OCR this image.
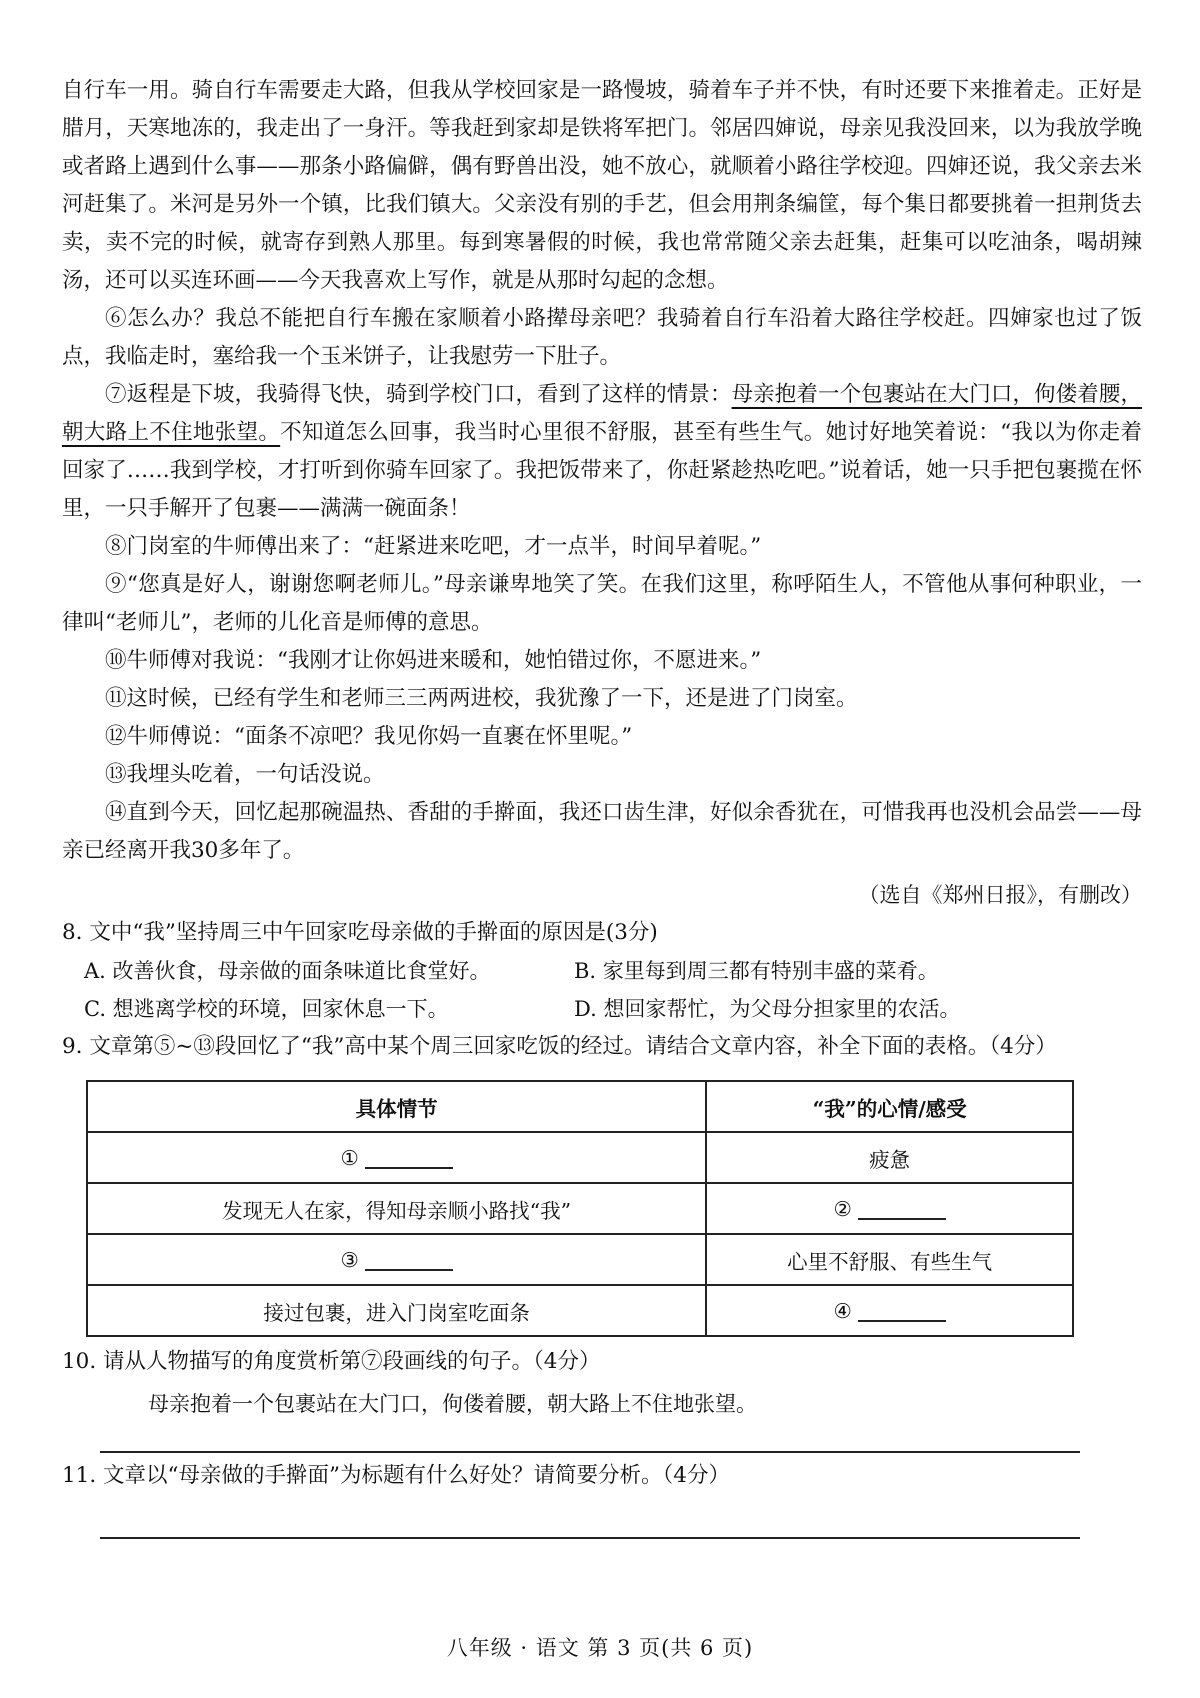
自行车一用。骑自行车需要走大路，但我从学校回家是一路慢坡，骑着车子并不快，有时还要下来推着走。正好是腊月，天寒地冻的，我走出了一身汗。等我赶到家却是铁将军把门。邻居四婶说，母亲见我没回来，以为我放学晚或者路上遇到什么事——那条小路偏僻，偶有野兽出没，她不放心，就顺着小路往学校迎。四婶还说，我父亲去米河赶集了。米河是另外一个镇，比我们镇大。父亲没有别的手艺，但会用荆条编筐，每个集日都要挑着一担荆货去卖，卖不完的时候，就寄存到熟人那里。每到寒暑假的时候，我也常常随父亲去赶集，赶集可以吃油条，喝胡辣汤，还可以买连环画——今天我喜欢上写作，就是从那时勾起的念想。

⑥怎么办？我总不能把自行车搬在家顺着小路撵母亲吧？我骑着自行车沿着大路往学校赶。四婶家也过了饭点，我临走时，塞给我一个玉米饼子，让我慰劳一下肚子。

⑦返程是下坡，我骑得飞快，骑到学校门口，看到了这样的情景：母亲抱着一个包裹站在大门口，佝偻着腰，朝大路上不住地张望。不知道怎么回事，我当时心里很不舒服，甚至有些生气。她讨好地笑着说：“我以为你走着回家了……我到学校，才打听到你骑车回家了。我把饭带来了，你赶紧趁热吃吧。”说着话，她一只手把包裹揽在怀里，一只手解开了包裹——满满一碗面条！

⑧门岗室的牛师傅出来了：“赶紧进来吃吧，才一点半，时间早着呢。”

⑨“您真是好人，谢谢您啊老师儿。”母亲谦卑地笑了笑。在我们这里，称呼陌生人，不管他从事何种职业，一律叫“老师儿”，老师的儿化音是师傅的意思。

⑩牛师傅对我说：“我刚才让你妈进来暖和，她怕错过你，不愿进来。”

⑪这时候，已经有学生和老师三三两两进校，我犹豫了一下，还是进了门岗室。

⑫牛师傅说：“面条不凉吧？我见你妈一直裹在怀里呢。”

⑬我埋头吃着，一句话没说。

⑭直到今天，回忆起那碗温热、香甜的手擀面，我还口齿生津，好似余香犹在，可惜我再也没机会品尝——母亲已经离开我30多年了。

（选自《郑州日报》，有删改）

8. 文中“我”坚持周三中午回家吃母亲做的手擀面的原因是(3分)

A. 改善伙食，母亲做的面条味道比食堂好。	B. 家里每到周三都有特别丰盛的菜肴。
C. 想逃离学校的环境，回家休息一下。	D. 想回家帮忙，为父母分担家里的农活。

9. 文章第⑤~⑬段回忆了“我”高中某个周三回家吃饭的经过。请结合文章内容，补全下面的表格。（4分）

具体情节	“我”的心情/感受
①	疲惫
发现无人在家，得知母亲顺小路找“我”	②
③	心里不舒服、有些生气
接过包裹，进入门岗室吃面条	④

10. 请从人物描写的角度赏析第⑦段画线的句子。（4分）

母亲抱着一个包裹站在大门口，佝偻着腰，朝大路上不住地张望。

11. 文章以“母亲做的手擀面”为标题有什么好处？请简要分析。（4分）

八年级 · 语文 第 3 页(共 6 页)
